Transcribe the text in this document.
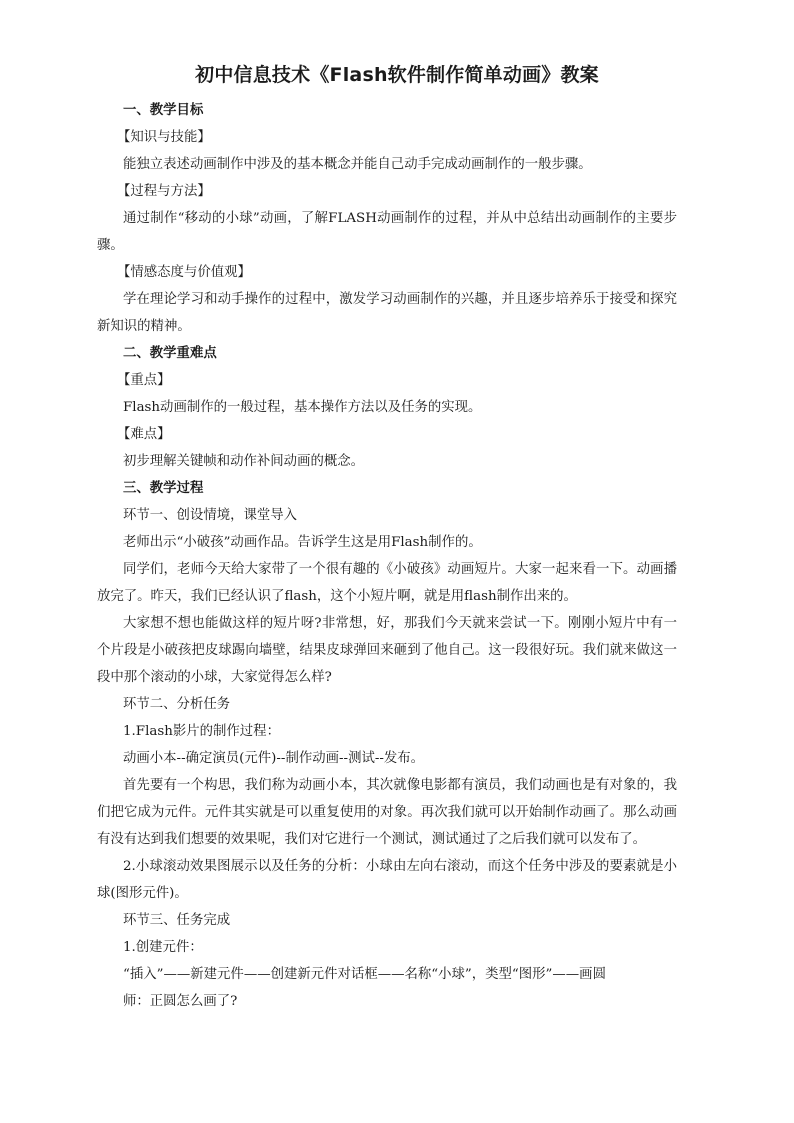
初中信息技术《Flash软件制作简单动画》教案

一、教学目标

【知识与技能】

能独立表述动画制作中涉及的基本概念并能自己动手完成动画制作的一般步骤。

【过程与方法】

通过制作“移动的小球”动画，了解FLASH动画制作的过程，并从中总结出动画制作的主要步骤。

【情感态度与价值观】

学在理论学习和动手操作的过程中，激发学习动画制作的兴趣，并且逐步培养乐于接受和探究新知识的精神。

二、教学重难点

【重点】

Flash动画制作的一般过程，基本操作方法以及任务的实现。

【难点】

初步理解关键帧和动作补间动画的概念。

三、教学过程

环节一、创设情境，课堂导入

老师出示“小破孩”动画作品。告诉学生这是用Flash制作的。

同学们，老师今天给大家带了一个很有趣的《小破孩》动画短片。大家一起来看一下。动画播放完了。昨天，我们已经认识了flash，这个小短片啊，就是用flash制作出来的。

大家想不想也能做这样的短片呀?非常想，好，那我们今天就来尝试一下。刚刚小短片中有一个片段是小破孩把皮球踢向墙壁，结果皮球弹回来砸到了他自己。这一段很好玩。我们就来做这一段中那个滚动的小球，大家觉得怎么样?

环节二、分析任务

1.Flash影片的制作过程：

动画小本--确定演员(元件)--制作动画--测试--发布。

首先要有一个构思，我们称为动画小本，其次就像电影都有演员，我们动画也是有对象的，我们把它成为元件。元件其实就是可以重复使用的对象。再次我们就可以开始制作动画了。那么动画有没有达到我们想要的效果呢，我们对它进行一个测试，测试通过了之后我们就可以发布了。

2.小球滚动效果图展示以及任务的分析：小球由左向右滚动，而这个任务中涉及的要素就是小球(图形元件)。

环节三、任务完成

1.创建元件：

“插入”——新建元件——创建新元件对话框——名称“小球”，类型“图形”——画圆

师：正圆怎么画了?
